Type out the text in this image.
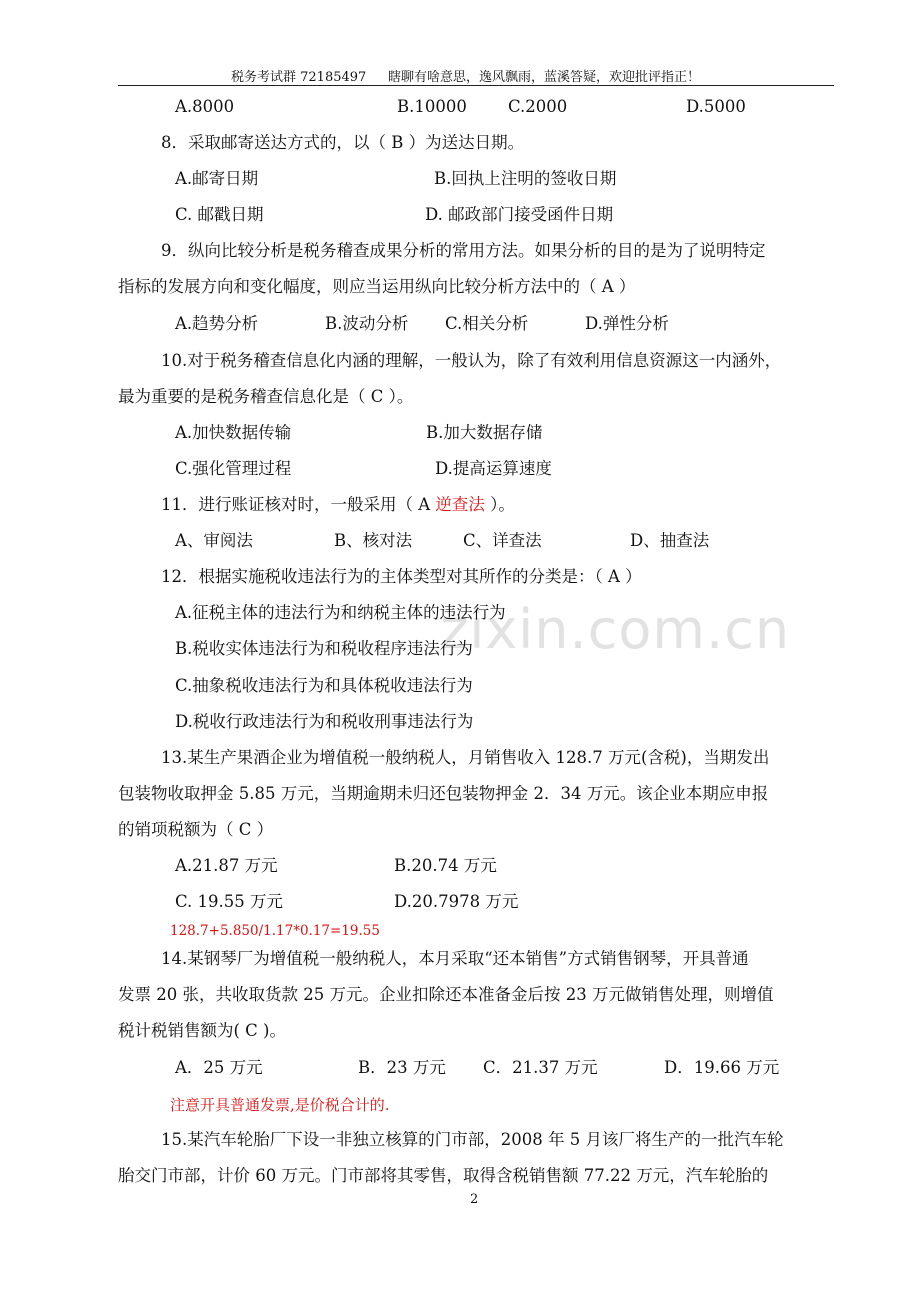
税务考试群 72185497 瞎聊有啥意思，逸风飘雨，蓝溪答疑，欢迎批评指正！
zixin.com.cn
A.8000	B.10000 C.2000	D.5000
8．采取邮寄送达方式的，以（ B ）为送达日期。
A.邮寄日期	B.回执上注明的签收日期
C. 邮戳日期	D. 邮政部门接受函件日期
9．纵向比较分析是税务稽查成果分析的常用方法。如果分析的目的是为了说明特定
指标的发展方向和变化幅度，则应当运用纵向比较分析方法中的（ A ）
A.趋势分析	B.波动分析 C.相关分析	D.弹性分析
10.对于税务稽查信息化内涵的理解，一般认为，除了有效利用信息资源这一内涵外，
最为重要的是税务稽查信息化是（ C ）。
A.加快数据传输	B.加大数据存储
C.强化管理过程	D.提高运算速度
11．进行账证核对时，一般采用（ A 逆查法 ）。
A、审阅法	B、核对法	C、详查法	D、抽查法
12．根据实施税收违法行为的主体类型对其所作的分类是：（ A ）
A.征税主体的违法行为和纳税主体的违法行为
B.税收实体违法行为和税收程序违法行为
C.抽象税收违法行为和具体税收违法行为
D.税收行政违法行为和税收刑事违法行为
13.某生产果酒企业为增值税一般纳税人，月销售收入 128.7 万元(含税)，当期发出
包装物收取押金 5.85 万元，当期逾期未归还包装物押金 2．34 万元。该企业本期应申报
的销项税额为（ C ）
A.21.87 万元	B.20.74 万元
C. 19.55 万元	D.20.7978 万元
128.7+5.850/1.17*0.17=19.55
14.某钢琴厂为增值税一般纳税人，本月采取“还本销售”方式销售钢琴，开具普通
发票 20 张，共收取货款 25 万元。企业扣除还本准备金后按 23 万元做销售处理，则增值
税计税销售额为( C )。
A．25 万元	B．23 万元 C．21.37 万元	D．19.66 万元
注意开具普通发票,是价税合计的.
15.某汽车轮胎厂下设一非独立核算的门市部，2008 年 5 月该厂将生产的一批汽车轮
胎交门市部，计价 60 万元。门市部将其零售，取得含税销售额 77.22 万元，汽车轮胎的
2
